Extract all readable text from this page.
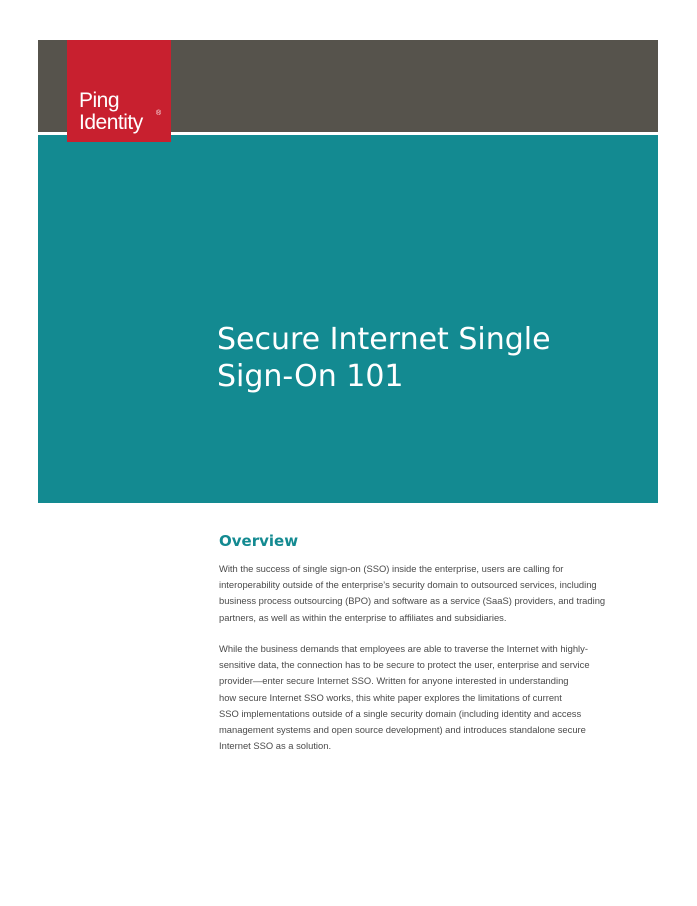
Ping
Identity ®
Secure Internet Single
Sign-On 101
Overview

With the success of single sign-on (SSO) inside the enterprise, users are calling for
interoperability outside of the enterprise’s security domain to outsourced services, including
business process outsourcing (BPO) and software as a service (SaaS) providers, and trading
partners, as well as within the enterprise to affiliates and subsidiaries.

While the business demands that employees are able to traverse the Internet with highly-
sensitive data, the connection has to be secure to protect the user, enterprise and service
provider—enter secure Internet SSO. Written for anyone interested in understanding
how secure Internet SSO works, this white paper explores the limitations of current
SSO implementations outside of a single security domain (including identity and access
management systems and open source development) and introduces standalone secure
Internet SSO as a solution.
